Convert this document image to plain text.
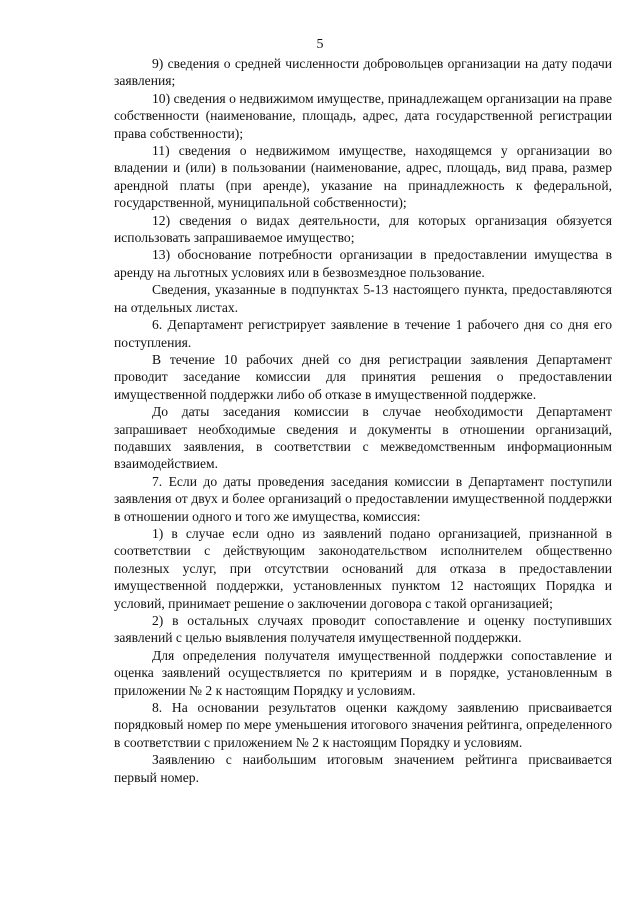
5

9) сведения о средней численности добровольцев организации на дату подачи заявления;

10) сведения о недвижимом имуществе, принадлежащем организации на праве собственности (наименование, площадь, адрес, дата государственной регистрации права собственности);

11) сведения о недвижимом имуществе, находящемся у организации во владении и (или) в пользовании (наименование, адрес, площадь, вид права, размер арендной платы (при аренде), указание на принадлежность к федеральной, государственной, муниципальной собственности);

12) сведения о видах деятельности, для которых организация обязуется использовать запрашиваемое имущество;

13) обоснование потребности организации в предоставлении имущества в аренду на льготных условиях или в безвозмездное пользование.

Сведения, указанные в подпунктах 5-13 настоящего пункта, предоставляются на отдельных листах.

6. Департамент регистрирует заявление в течение 1 рабочего дня со дня его поступления.

В течение 10 рабочих дней со дня регистрации заявления Департамент проводит заседание комиссии для принятия решения о предоставлении имущественной поддержки либо об отказе в имущественной поддержке.

До даты заседания комиссии в случае необходимости Департамент запрашивает необходимые сведения и документы в отношении организаций, подавших заявления, в соответствии с межведомственным информационным взаимодействием.

7. Если до даты проведения заседания комиссии в Департамент поступили заявления от двух и более организаций о предоставлении имущественной поддержки в отношении одного и того же имущества, комиссия:

1) в случае если одно из заявлений подано организацией, признанной в соответствии с действующим законодательством исполнителем общественно полезных услуг, при отсутствии оснований для отказа в предоставлении имущественной поддержки, установленных пунктом 12 настоящих Порядка и условий, принимает решение о заключении договора с такой организацией;

2) в остальных случаях проводит сопоставление и оценку поступивших заявлений с целью выявления получателя имущественной поддержки.

Для определения получателя имущественной поддержки сопоставление и оценка заявлений осуществляется по критериям и в порядке, установленным в приложении № 2 к настоящим Порядку и условиям.

8. На основании результатов оценки каждому заявлению присваивается порядковый номер по мере уменьшения итогового значения рейтинга, определенного в соответствии с приложением № 2 к настоящим Порядку и условиям.

Заявлению с наибольшим итоговым значением рейтинга присваивается первый номер.
